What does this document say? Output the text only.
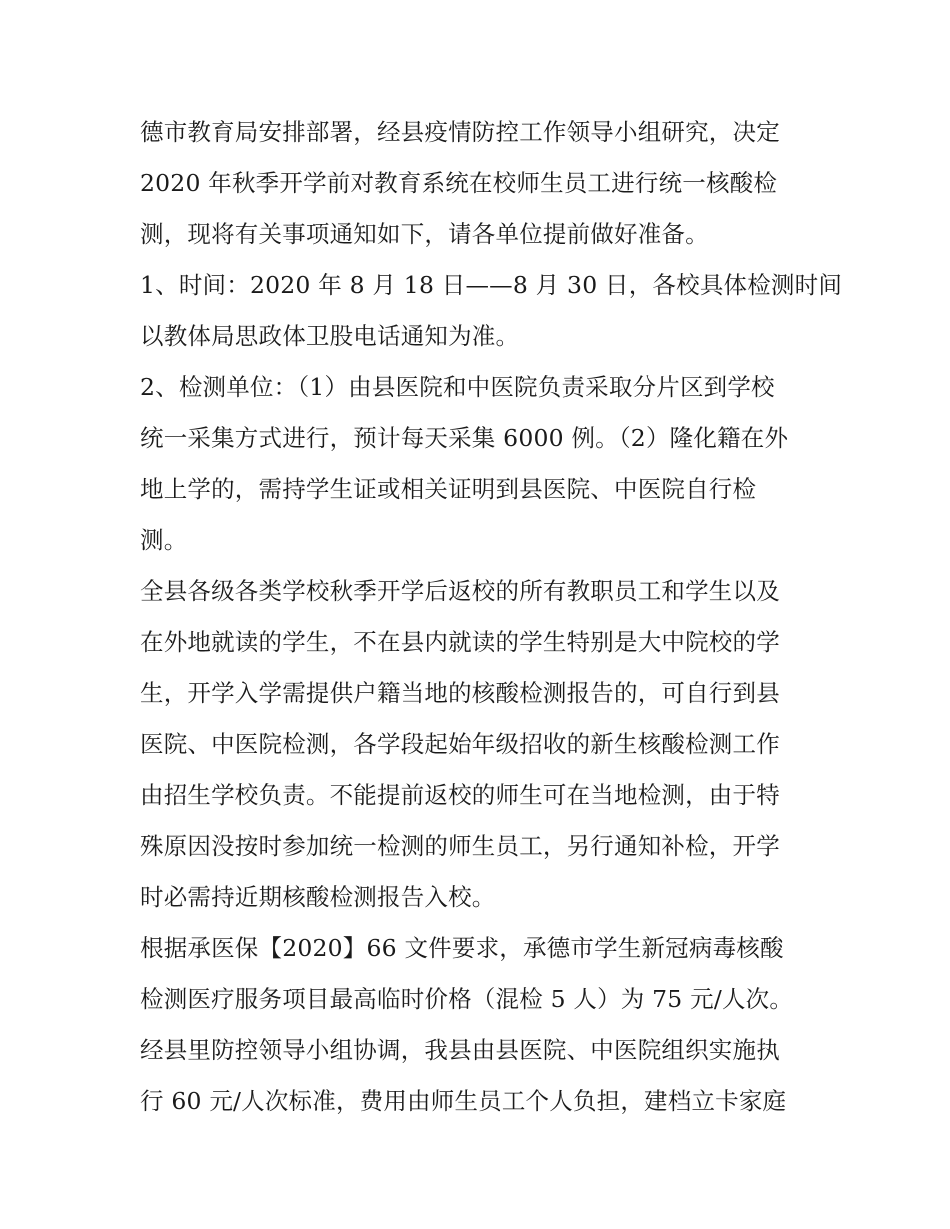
德市教育局安排部署，经县疫情防控工作领导小组研究，决定
2020 年秋季开学前对教育系统在校师生员工进行统一核酸检
测，现将有关事项通知如下，请各单位提前做好准备。
1、时间：2020 年 8 月 18 日——8 月 30 日，各校具体检测时间
以教体局思政体卫股电话通知为准。
2、检测单位：（1）由县医院和中医院负责采取分片区到学校
统一采集方式进行，预计每天采集 6000 例。（2）隆化籍在外
地上学的，需持学生证或相关证明到县医院、中医院自行检
测。
全县各级各类学校秋季开学后返校的所有教职员工和学生以及
在外地就读的学生，不在县内就读的学生特别是大中院校的学
生，开学入学需提供户籍当地的核酸检测报告的，可自行到县
医院、中医院检测，各学段起始年级招收的新生核酸检测工作
由招生学校负责。不能提前返校的师生可在当地检测，由于特
殊原因没按时参加统一检测的师生员工，另行通知补检，开学
时必需持近期核酸检测报告入校。
根据承医保【2020】66 文件要求，承德市学生新冠病毒核酸
检测医疗服务项目最高临时价格（混检 5 人）为 75 元/人次。
经县里防控领导小组协调，我县由县医院、中医院组织实施执
行 60 元/人次标准，费用由师生员工个人负担，建档立卡家庭
